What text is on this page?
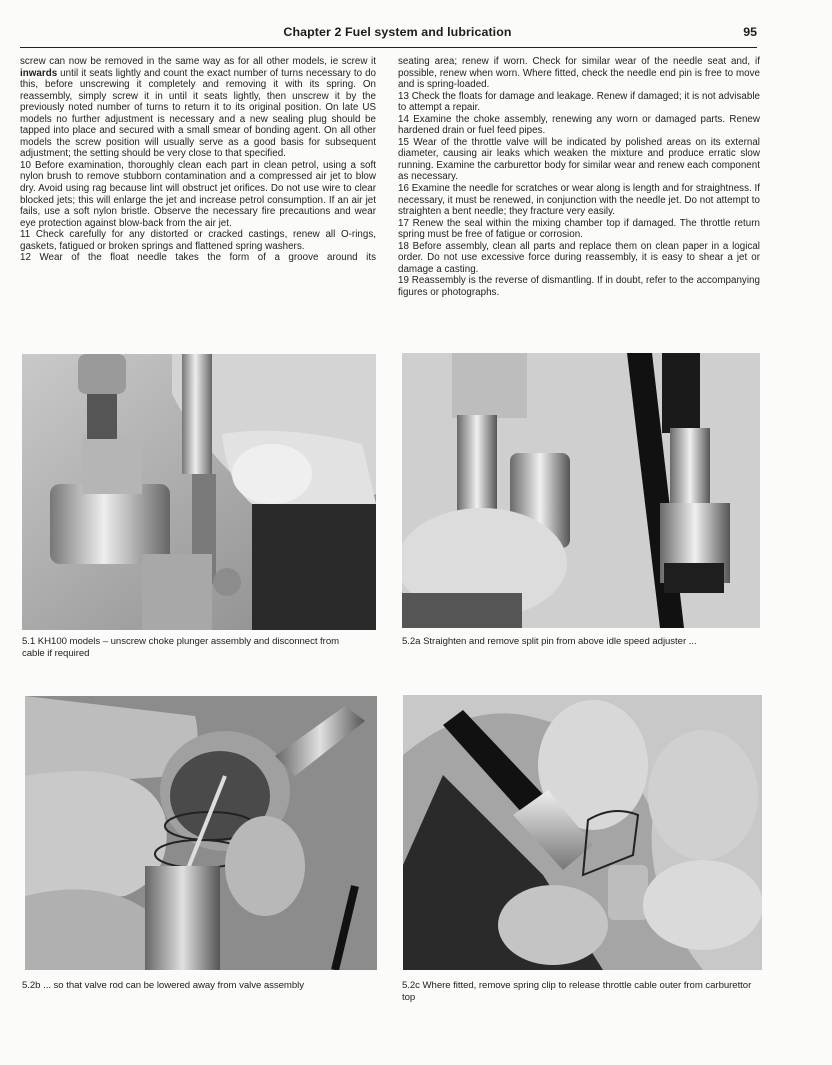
Chapter 2 Fuel system and lubrication	95

screw can now be removed in the same way as for all other models, ie screw it inwards until it seats lightly and count the exact number of turns necessary to do this, before unscrewing it completely and removing it with its spring. On reassembly, simply screw it in until it seats lightly, then unscrew it by the previously noted number of turns to return it to its original position. On late US models no further adjustment is necessary and a new sealing plug should be tapped into place and secured with a small smear of bonding agent. On all other models the screw position will usually serve as a good basis for subsequent adjustment; the setting should be very close to that specified.

10 Before examination, thoroughly clean each part in clean petrol, using a soft nylon brush to remove stubborn contamination and a compressed air jet to blow dry. Avoid using rag because lint will obstruct jet orifices. Do not use wire to clear blocked jets; this will enlarge the jet and increase petrol consumption. If an air jet fails, use a soft nylon bristle. Observe the necessary fire precautions and wear eye protection against blow-back from the air jet.

11 Check carefully for any distorted or cracked castings, renew all O-rings, gaskets, fatigued or broken springs and flattened spring washers.

12 Wear of the float needle takes the form of a groove around its

seating area; renew if worn. Check for similar wear of the needle seat and, if possible, renew when worn. Where fitted, check the needle end pin is free to move and is spring-loaded.

13 Check the floats for damage and leakage. Renew if damaged; it is not advisable to attempt a repair.

14 Examine the choke assembly, renewing any worn or damaged parts. Renew hardened drain or fuel feed pipes.

15 Wear of the throttle valve will be indicated by polished areas on its external diameter, causing air leaks which weaken the mixture and produce erratic slow running. Examine the carburettor body for similar wear and renew each component as necessary.

16 Examine the needle for scratches or wear along is length and for straightness. If necessary, it must be renewed, in conjunction with the needle jet. Do not attempt to straighten a bent needle; they fracture very easily.

17 Renew the seal within the mixing chamber top if damaged. The throttle return spring must be free of fatigue or corrosion.

18 Before assembly, clean all parts and replace them on clean paper in a logical order. Do not use excessive force during reassembly, it is easy to shear a jet or damage a casting.

19 Reassembly is the reverse of dismantling. If in doubt, refer to the accompanying figures or photographs.

5.1 KH100 models – unscrew choke plunger assembly and disconnect from cable if required
5.2a Straighten and remove split pin from above idle speed adjuster ...
5.2b ... so that valve rod can be lowered away from valve assembly	5.2c Where fitted, remove spring clip to release throttle cable outer from carburettor top
